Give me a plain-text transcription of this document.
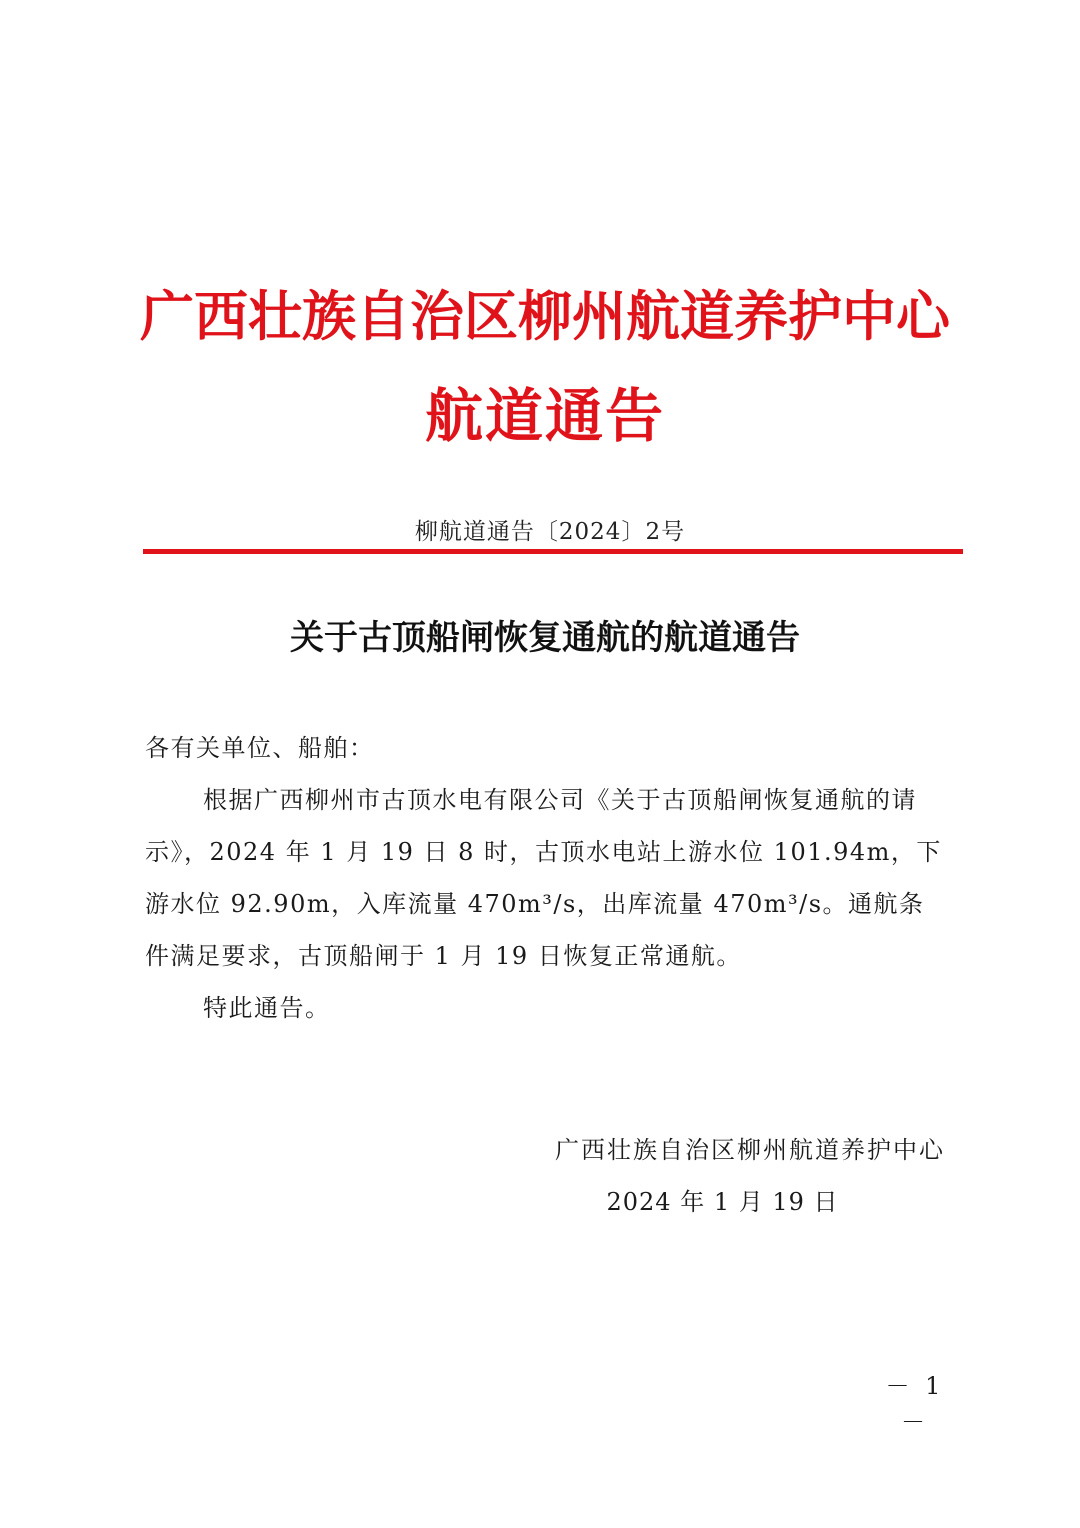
广西壮族自治区柳州航道养护中心
航道通告
柳航道通告〔2024〕2号
关于古顶船闸恢复通航的航道通告

各有关单位、船舶：

根据广西柳州市古顶水电有限公司《关于古顶船闸恢复通航的请示》，2024 年 1 月 19 日 8 时，古顶水电站上游水位 101.94m，下游水位 92.90m，入库流量 470m³/s，出库流量 470m³/s。通航条件满足要求，古顶船闸于 1 月 19 日恢复正常通航。

特此通告。

广西壮族自治区柳州航道养护中心
2024 年 1 月 19 日
－ 1 －
